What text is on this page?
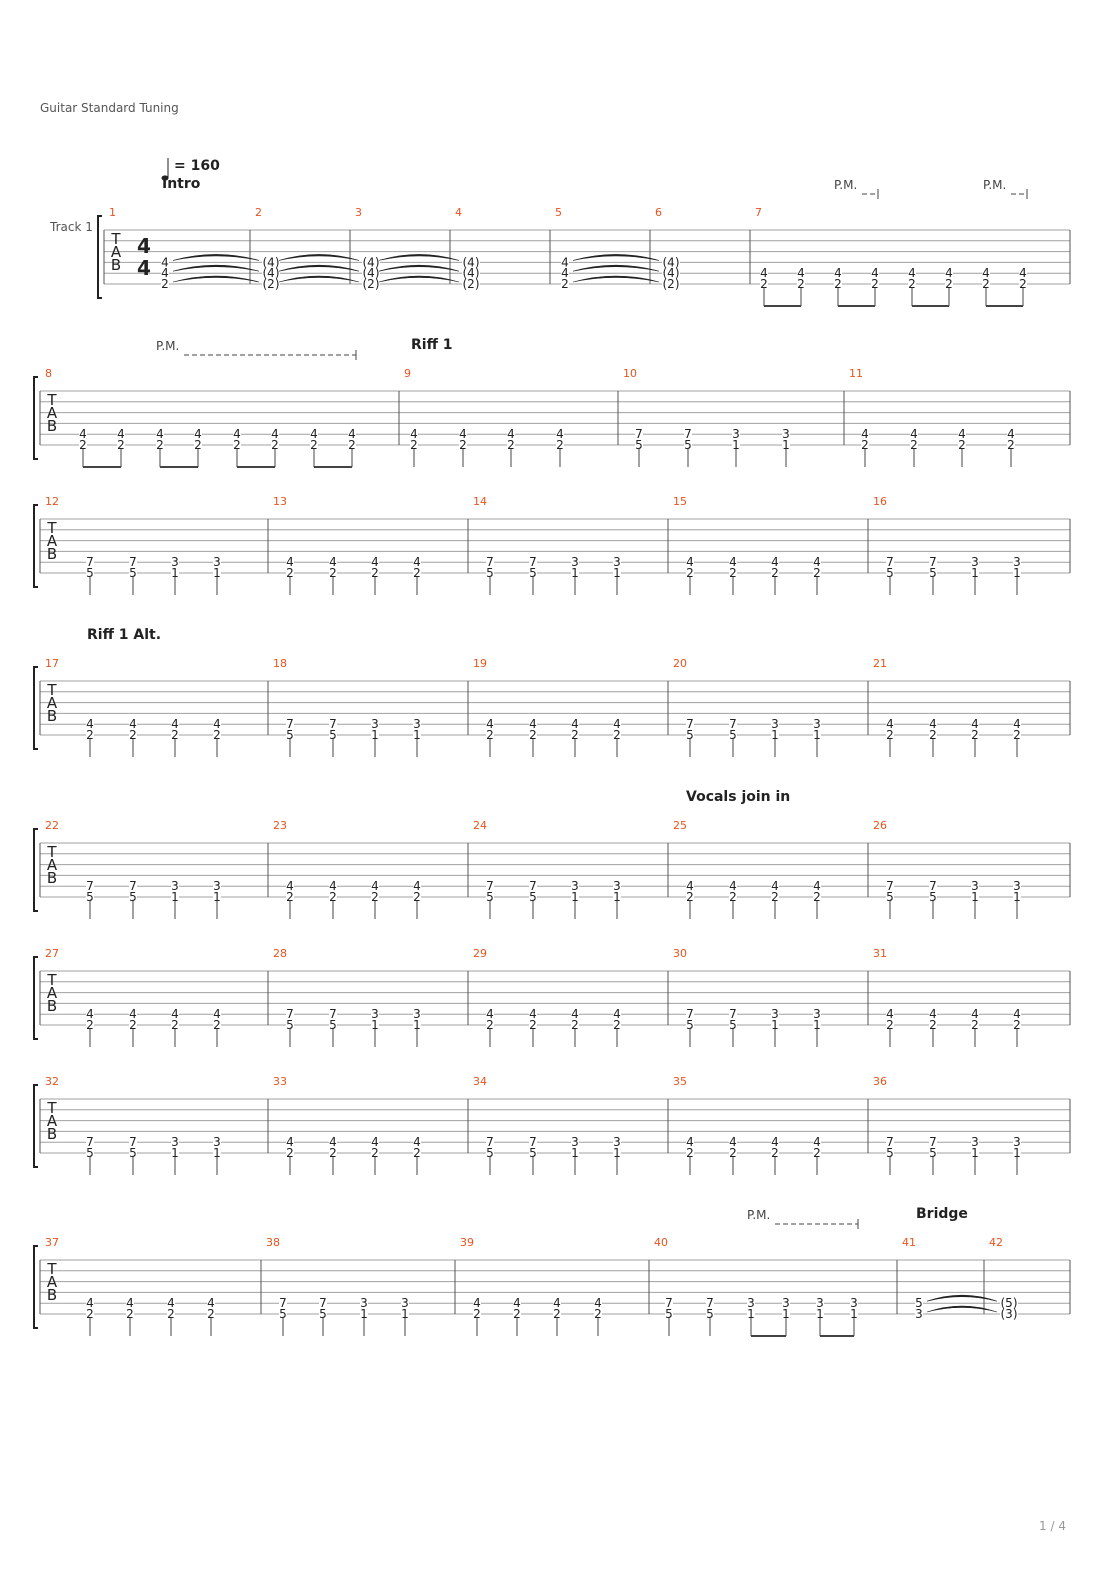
Guitar Standard Tuning
T
A
B
Track 1
4
4
= 160
Intro	P.M.	P.M.
1
4
4
2
2
(4)
(4)
(2)
3
(4)
(4)
(2)
4
(4)
(4)
(2)
5
4
4
2
6
(4)
(4)
(2)
7
4
2
4
2
4
2
4
2
4
2
4
2
4
2
4
2
T
A
B
Riff 1
P.M.
8
4
2
4
2
4
2
4
2
4
2
4
2
4
2
4
2
9
4
2
4
2
4
2
4
2
10
7
5
7
5
3
1
3
1
11
4
2
4
2
4
2
4
2
T
A
B
12
7
5
7
5
3
1
3
1
13
4
2
4
2
4
2
4
2
14
7
5
7
5
3
1
3
1
15
4
2
4
2
4
2
4
2
16
7
5
7
5
3
1
3
1
T
A
B
Riff 1 Alt.
17
4
2
4
2
4
2
4
2
18
7
5
7
5
3
1
3
1
19
4
2
4
2
4
2
4
2
20
7
5
7
5
3
1
3
1
21
4
2
4
2
4
2
4
2
T
A
B
Vocals join in
22
7
5
7
5
3
1
3
1
23
4
2
4
2
4
2
4
2
24
7
5
7
5
3
1
3
1
25
4
2
4
2
4
2
4
2
26
7
5
7
5
3
1
3
1
T
A
B
27
4
2
4
2
4
2
4
2
28
7
5
7
5
3
1
3
1
29
4
2
4
2
4
2
4
2
30
7
5
7
5
3
1
3
1
31
4
2
4
2
4
2
4
2
T
A
B
32
7
5
7
5
3
1
3
1
33
4
2
4
2
4
2
4
2
34
7
5
7
5
3
1
3
1
35
4
2
4
2
4
2
4
2
36
7
5
7
5
3
1
3
1
T
A
B
Bridge
P.M.
37
4
2
4
2
4
2
4
2
38
7
5
7
5
3
1
3
1
39
4
2
4
2
4
2
4
2
40
7
5
7
5
3
1
3
1
3
1
3
1
41
5
3
42
(5)
(3)
1 / 4
